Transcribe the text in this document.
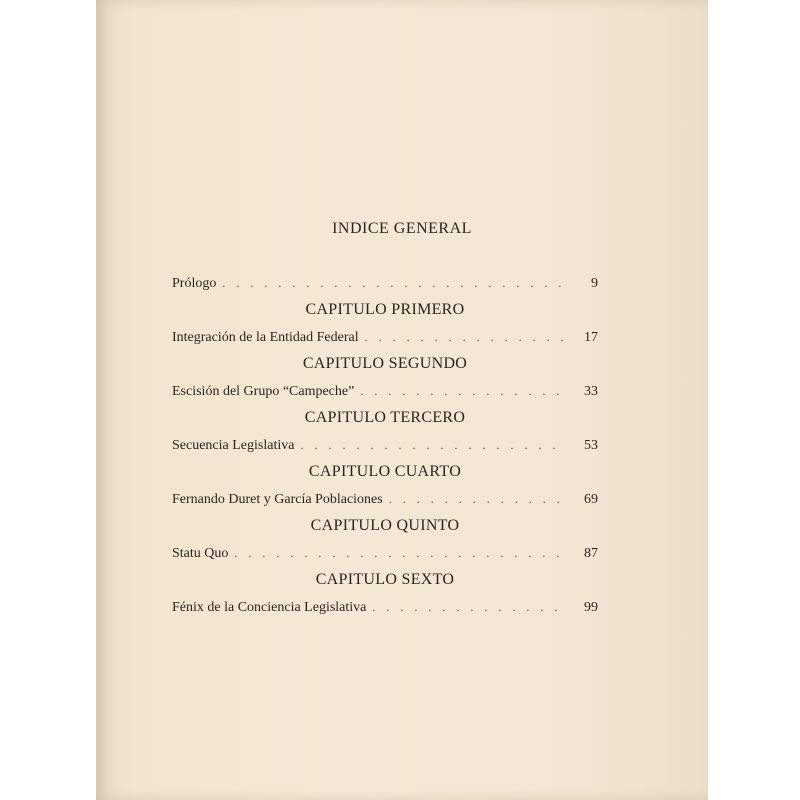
INDICE GENERAL
Prólogo . . .	9
CAPITULO PRIMERO
Integración de la Entidad Federal . . .	17
CAPITULO SEGUNDO
Escisión del Grupo “Campeche” . . .	33
CAPITULO TERCERO
Secuencia Legislativa . . .	53
CAPITULO CUARTO
Fernando Duret y García Poblaciones . . .	69
CAPITULO QUINTO
Statu Quo . . .	87
CAPITULO SEXTO
Fénix de la Conciencia Legislativa . . .	99
